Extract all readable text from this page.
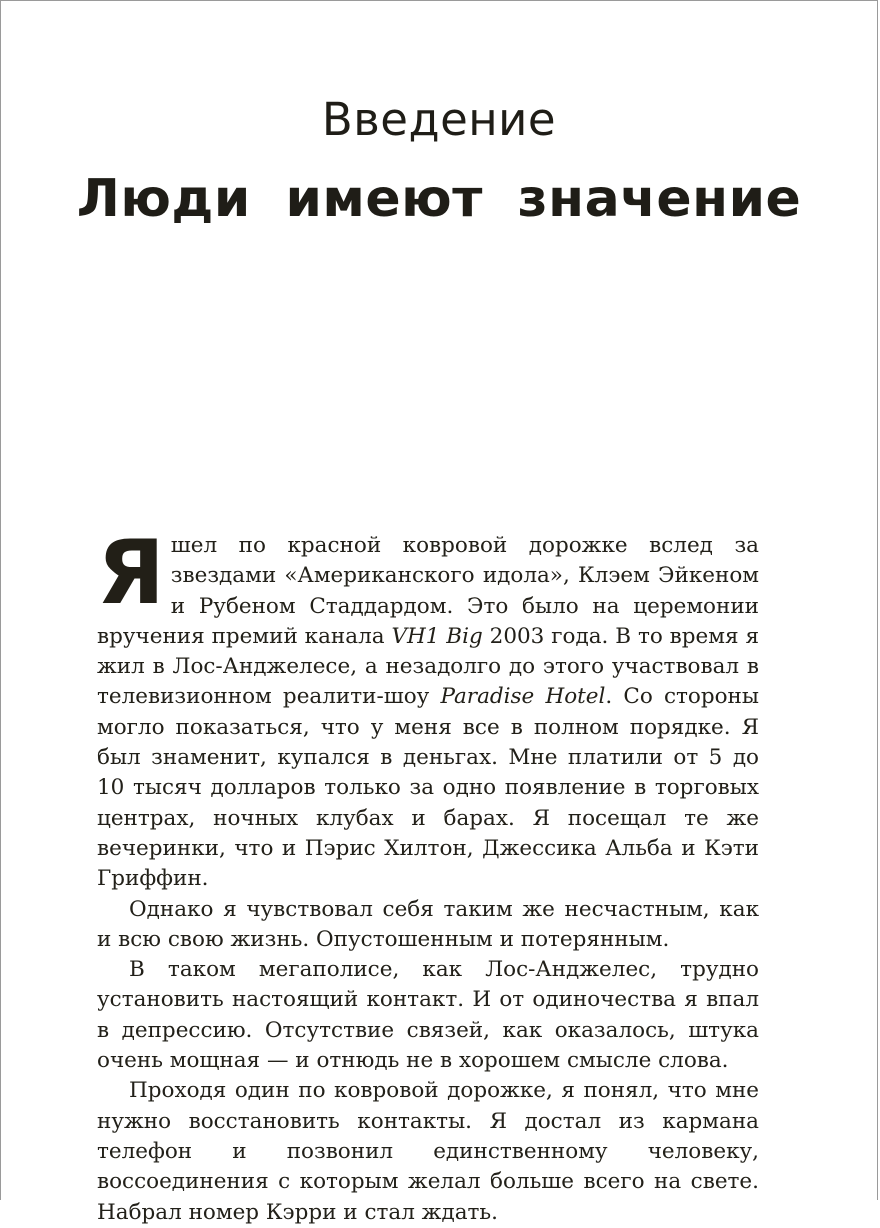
Введение
Люди имеют значение

Я шел по красной ковровой дорожке вслед за звездами «Американского идола», Клэем Эйкеном и Рубеном Стаддардом. Это было на церемонии вручения премий канала VH1 Big 2003 года. В то время я жил в Лос-Анджелесе, а незадолго до этого участвовал в телевизионном реалити-шоу Paradise Hotel. Со стороны могло показаться, что у меня все в полном порядке. Я был знаменит, купался в деньгах. Мне платили от 5 до 10 тысяч долларов только за одно появление в торговых центрах, ночных клубах и барах. Я посещал те же вечеринки, что и Пэрис Хилтон, Джессика Альба и Кэти Гриффин.

Однако я чувствовал себя таким же несчастным, как и всю свою жизнь. Опустошенным и потерянным.

В таком мегаполисе, как Лос-Анджелес, трудно установить настоящий контакт. И от одиночества я впал в депрессию. Отсутствие связей, как оказалось, штука очень мощная — и отнюдь не в хорошем смысле слова.

Проходя один по ковровой дорожке, я понял, что мне нужно восстановить контакты. Я достал из кармана телефон и позвонил единственному человеку, воссоединения с которым желал больше всего на свете. Набрал номер Кэрри и стал ждать.
